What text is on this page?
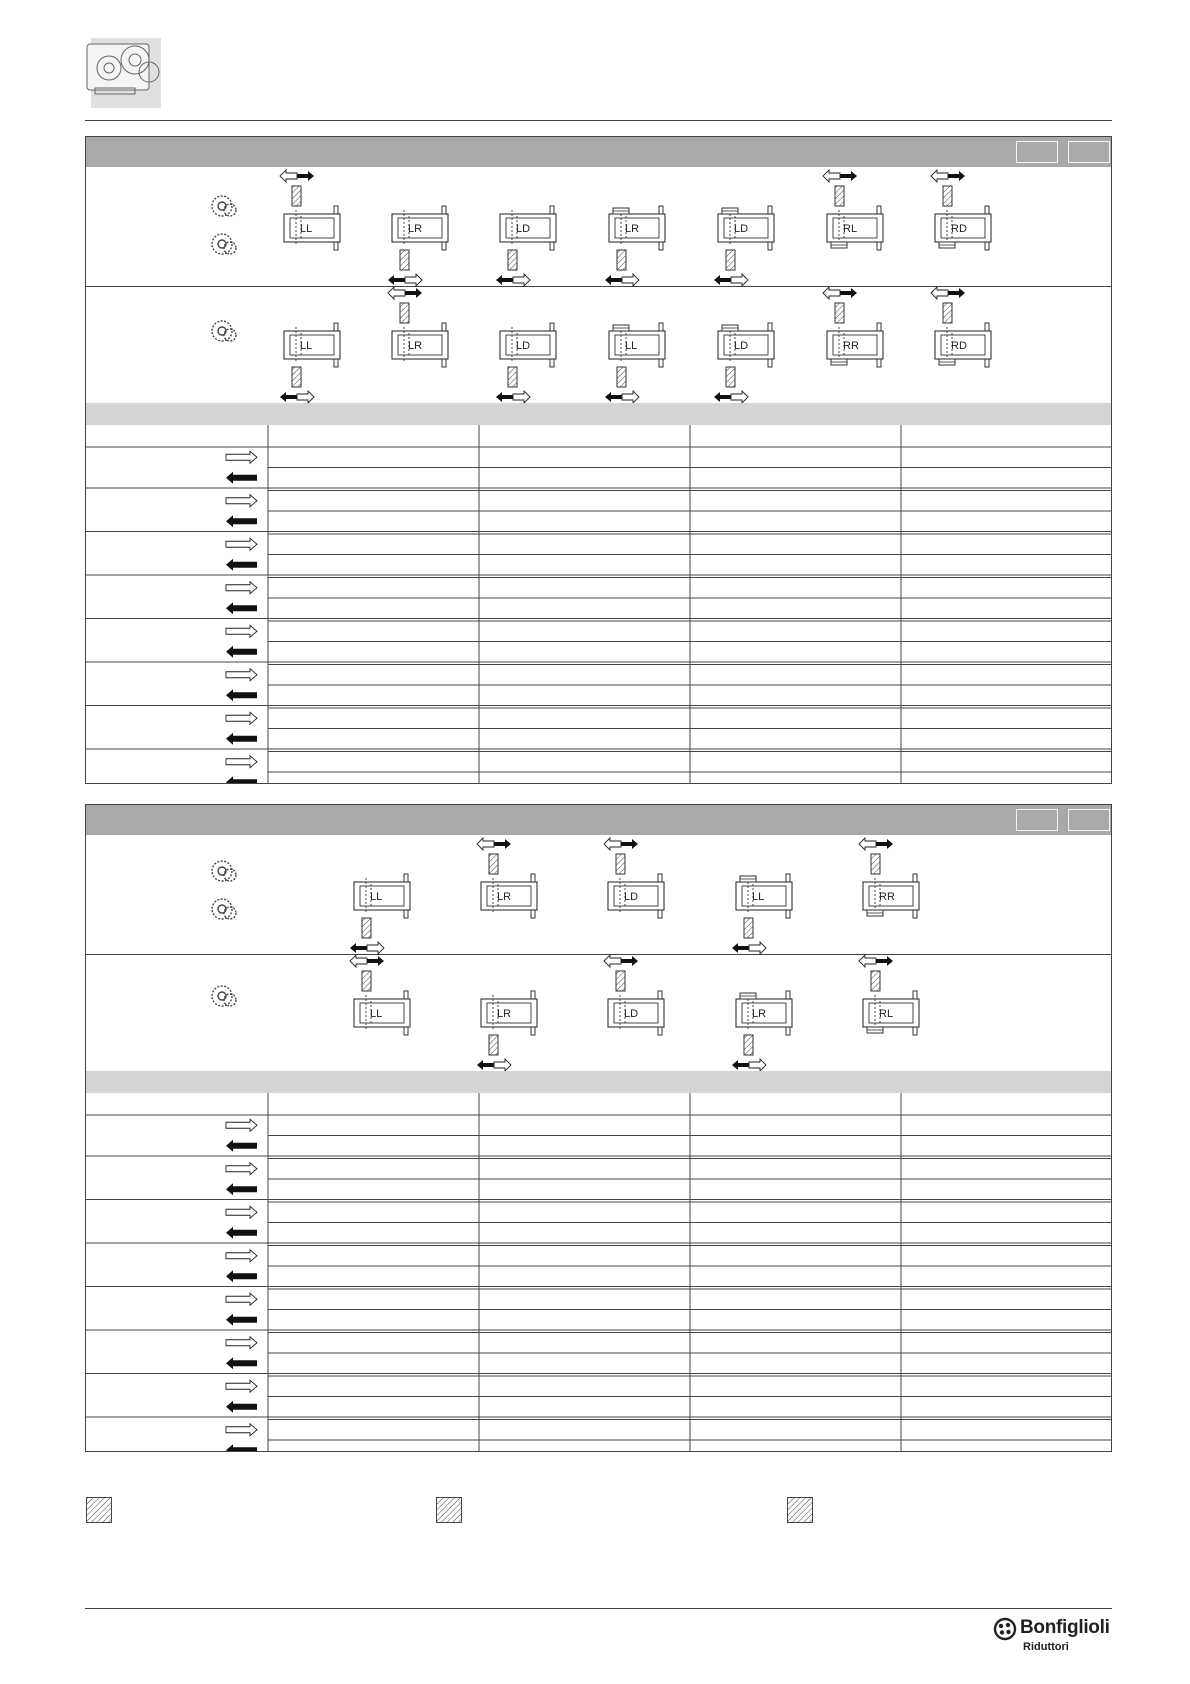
LL	LR	LD	LR	LD	RL	RD
LL	LR	LD	LL	LD	RR	RD
LL	LR	LD	LL	RR
LL	LR	LD	LR	RL
Bonfiglioli
Riduttori
